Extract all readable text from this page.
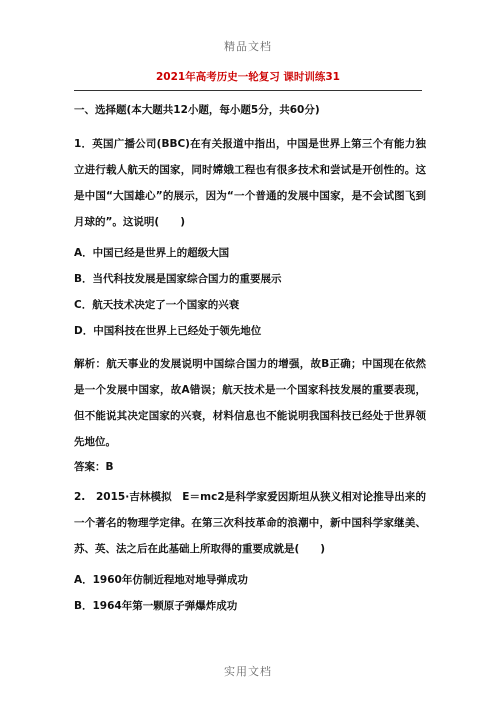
精品文档
2021年高考历史一轮复习 课时训练31

一、选择题(本大题共12小题，每小题5分，共60分)

1．英国广播公司(BBC)在有关报道中指出，中国是世界上第三个有能力独立进行载人航天的国家，同时嫦娥工程也有很多技术和尝试是开创性的。这是中国“大国雄心”的展示，因为“一个普通的发展中国家，是不会试图飞到月球的”。这说明(　　)

A．中国已经是世界上的超级大国

B．当代科技发展是国家综合国力的重要展示

C．航天技术决定了一个国家的兴衰

D．中国科技在世界上已经处于领先地位

解析：航天事业的发展说明中国综合国力的增强，故B正确；中国现在依然是一个发展中国家，故A错误；航天技术是一个国家科技发展的重要表现，但不能说其决定国家的兴衰，材料信息也不能说明我国科技已经处于世界领先地位。

答案：B

2.　2015·吉林模拟　E＝mc2是科学家爱因斯坦从狭义相对论推导出来的一个著名的物理学定律。在第三次科技革命的浪潮中，新中国科学家继美、苏、英、法之后在此基础上所取得的重要成就是(　　)

A．1960年仿制近程地对地导弹成功

B．1964年第一颗原子弹爆炸成功

实用文档
